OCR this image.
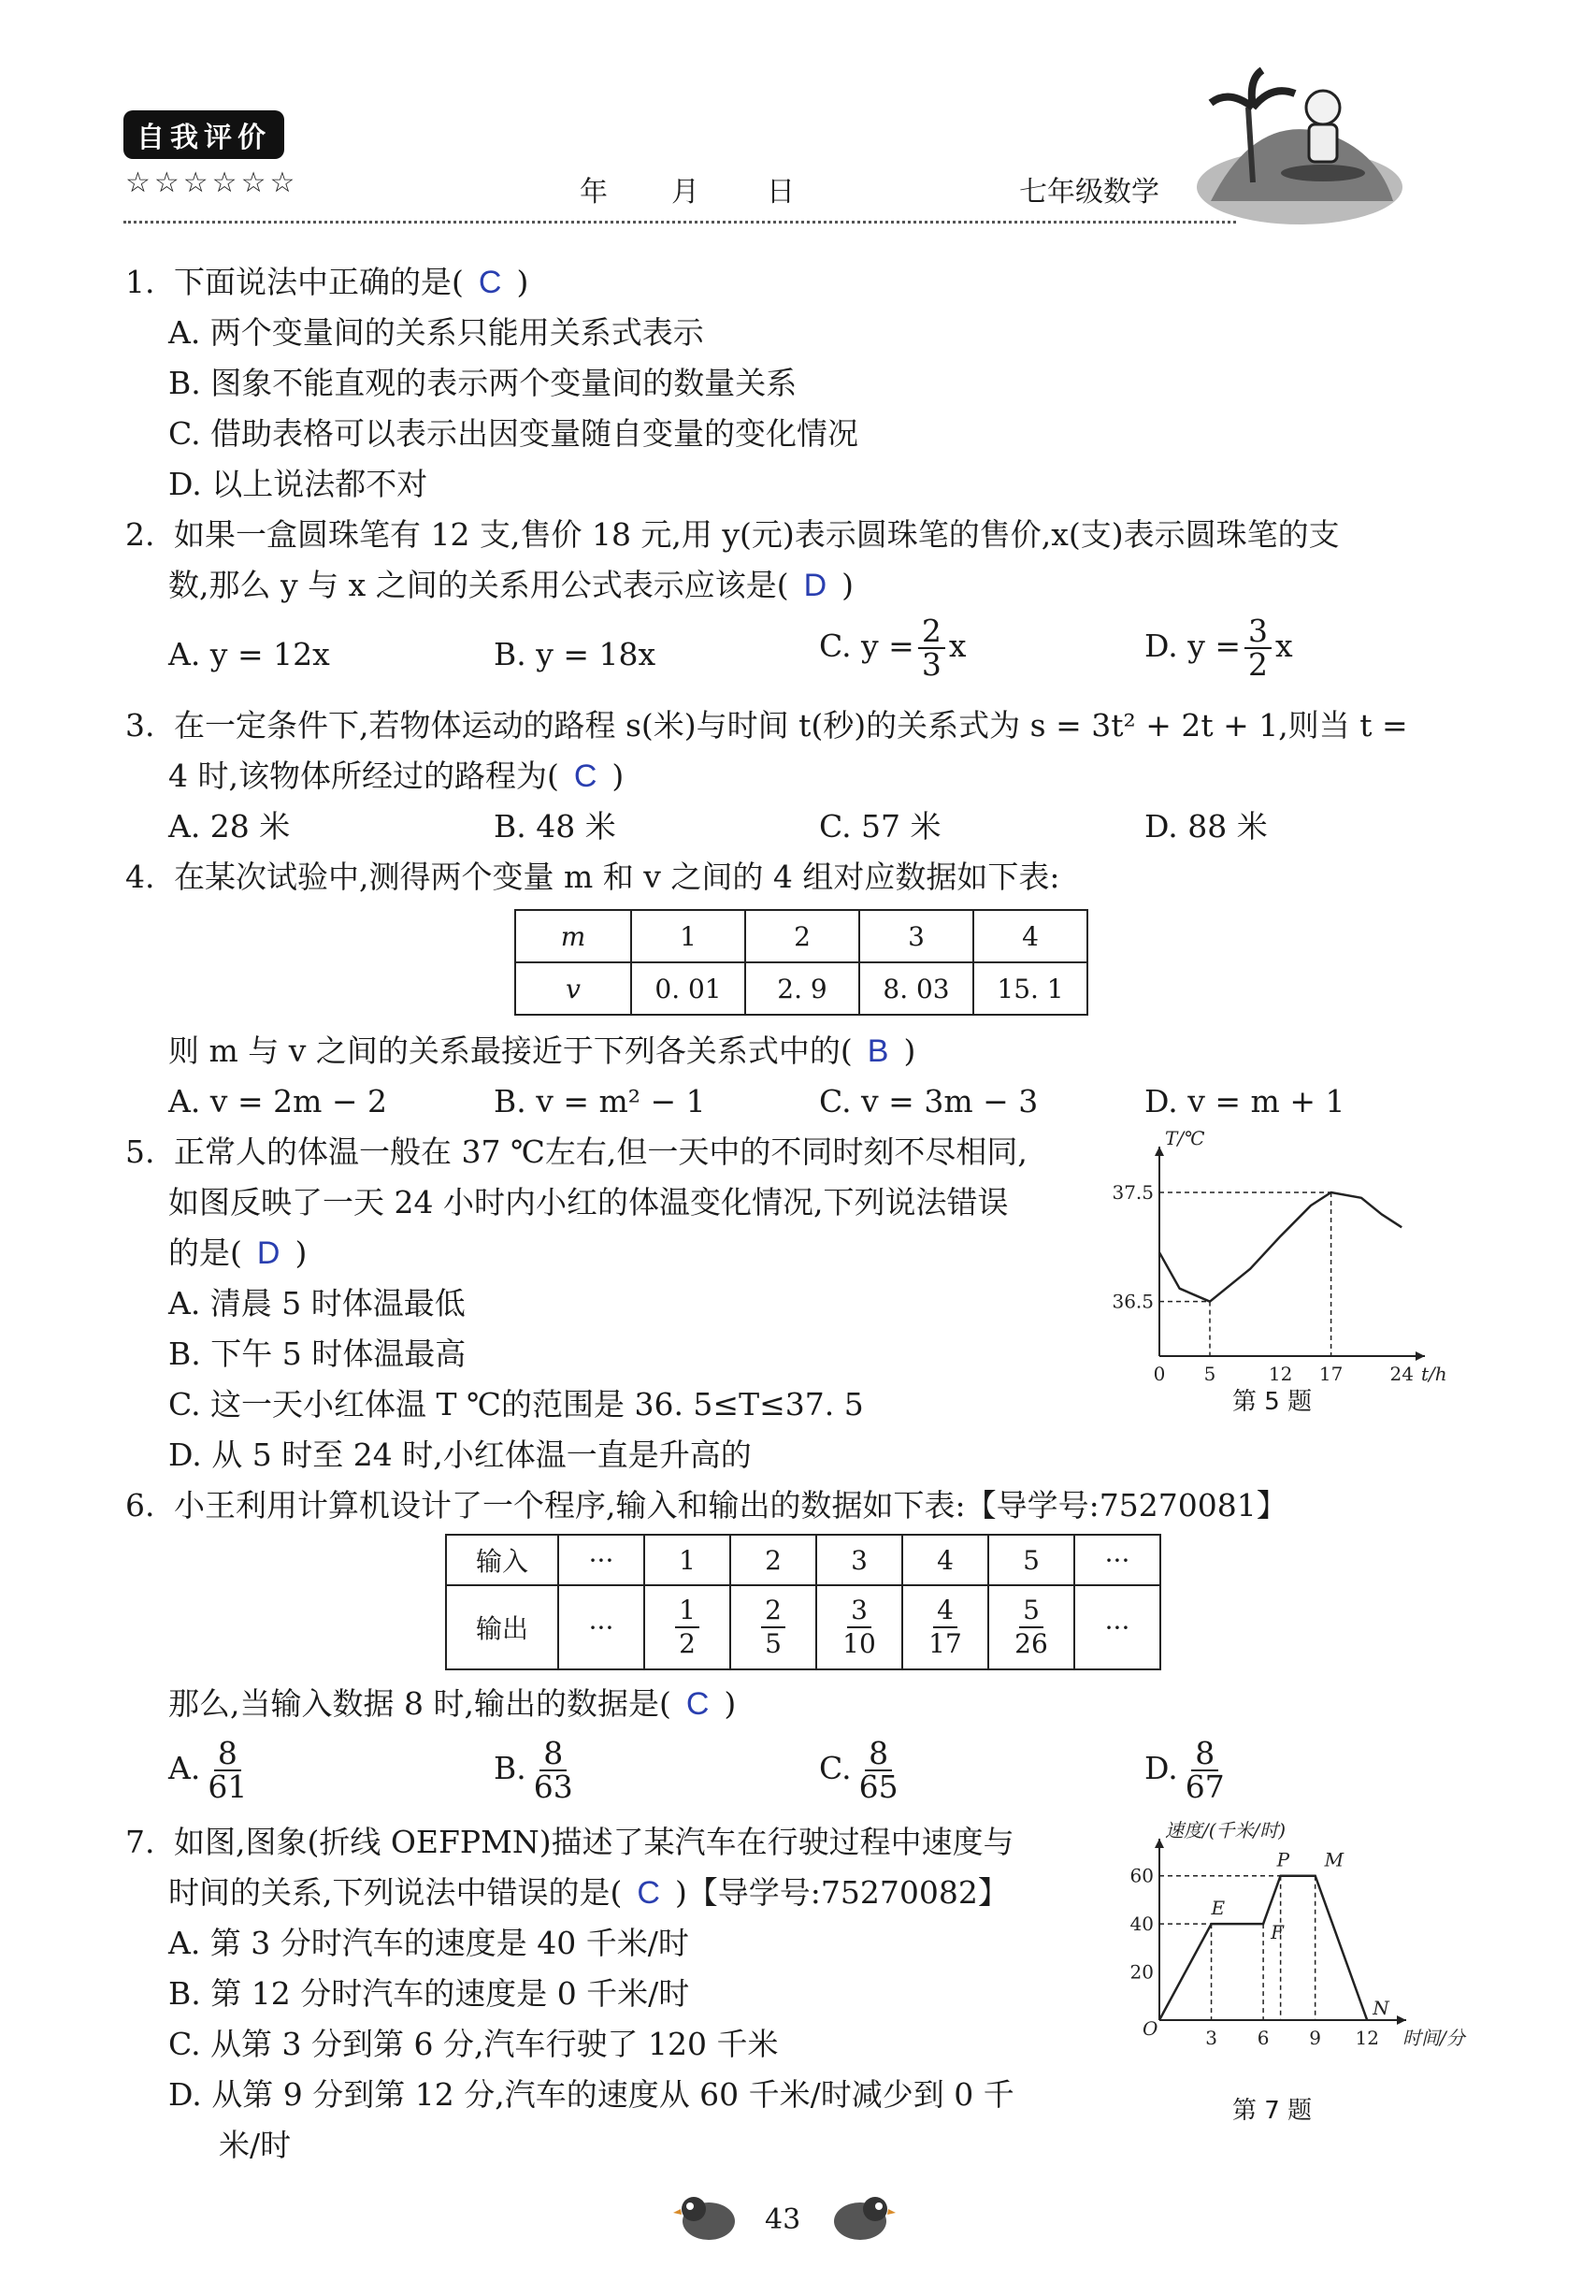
自我评价
☆☆☆☆☆☆	年 月 日	七年级数学
1. 下面说法中正确的是( C )
A. 两个变量间的关系只能用关系式表示
B. 图象不能直观的表示两个变量间的数量关系
C. 借助表格可以表示出因变量随自变量的变化情况
D. 以上说法都不对
2. 如果一盒圆珠笔有 12 支,售价 18 元,用 y(元)表示圆珠笔的售价,x(支)表示圆珠笔的支
数,那么 y 与 x 之间的关系用公式表示应该是( D )
A. y = 12x	B. y = 18x	C. $y = \frac{2}{3}$ x	D. $y = \frac{3}{2}$ x
3. 在一定条件下,若物体运动的路程 s(米)与时间 t(秒)的关系式为 s = 3t² + 2t + 1,则当 t =
4 时,该物体所经过的路程为( C )
A. 28 米	B. 48 米	C. 57 米	D. 88 米
4. 在某次试验中,测得两个变量 m 和 v 之间的 4 组对应数据如下表:
m	1	2	3	4
v	0. 01	2. 9	8. 03	15. 1
则 m 与 v 之间的关系最接近于下列各关系式中的( B )
A. v = 2m − 2	B. v = m² − 1	C. v = 3m − 3	D. v = m + 1
5. 正常人的体温一般在 37 ℃左右,但一天中的不同时刻不尽相同,
如图反映了一天 24 小时内小红的体温变化情况,下列说法错误
的是( D )
A. 清晨 5 时体温最低
B. 下午 5 时体温最高
C. 这一天小红体温 T ℃的范围是 36. 5≤T≤37. 5
D. 从 5 时至 24 时,小红体温一直是升高的
t/h
T/℃
0 5	12 17	24
36.5
37.5
第 5 题
6. 小王利用计算机设计了一个程序,输入和输出的数据如下表:【导学号:75270081】
输入	···	1	2	3	4	5	···
输出	···	$\frac{1}{2}$	$\frac{2}{5}$	$\frac{3}{10}$	$\frac{4}{17}$	$\frac{5}{26}$	···
那么,当输入数据 8 时,输出的数据是( C )
A. $\frac{8}{61}$	B. $\frac{8}{63}$	C. $\frac{8}{65}$	D. $\frac{8}{67}$
7. 如图,图象(折线 OEFPMN)描述了某汽车在行驶过程中速度与
时间的关系,下列说法中错误的是( C )【导学号:75270082】
A. 第 3 分时汽车的速度是 40 千米/时
B. 第 12 分时汽车的速度是 0 千米/时
C. 从第 3 分到第 6 分,汽车行驶了 120 千米
D. 从第 9 分到第 12 分,汽车的速度从 60 千米/时减少到 0 千
米/时
时间/分
速度/(千米/时)
3 6 9 12
20
40
60
O
E
F
P M
N
第 7 题
43
